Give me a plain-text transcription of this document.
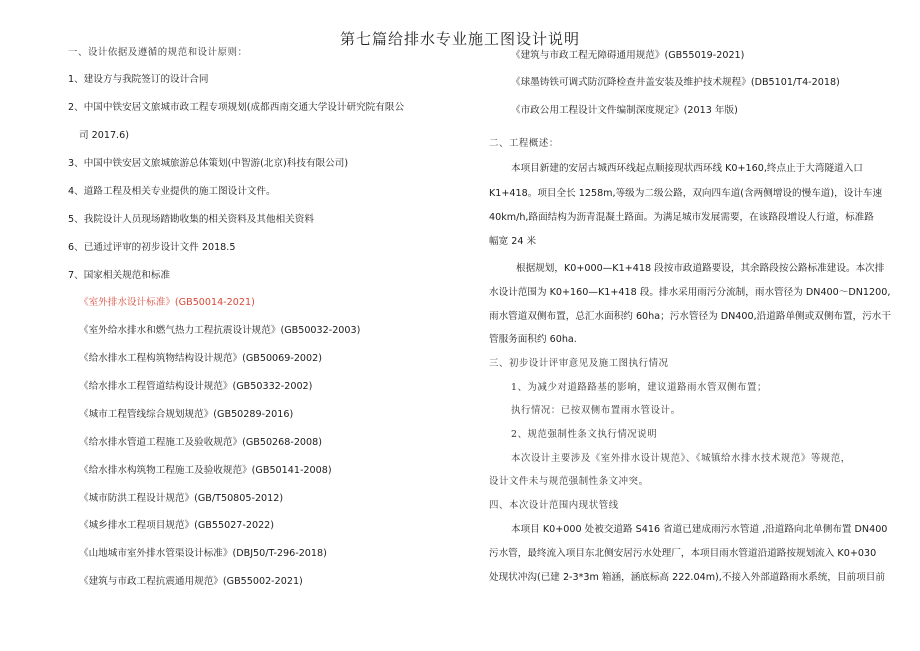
第七篇给排水专业施工图设计说明
一、设计依据及遵循的规范和设计原则：
1、建设方与我院签订的设计合同
2、中国中铁安居文旅城市政工程专项规划(成都西南交通大学设计研究院有限公
司 2017.6)
3、中国中铁安居文旅城旅游总体策划(中智游(北京)科技有限公司)
4、道路工程及相关专业提供的施工图设计文件。
5、我院设计人员现场踏勘收集的相关资料及其他相关资料
6、已通过评审的初步设计文件 2018.5
7、国家相关规范和标准
《室外排水设计标准》(GB50014-2021)
《室外给水排水和燃气热力工程抗震设计规范》(GB50032-2003)
《给水排水工程构筑物结构设计规范》(GB50069-2002)
《给水排水工程管道结构设计规范》(GB50332-2002)
《城市工程管线综合规划规范》(GB50289-2016)
《给水排水管道工程施工及验收规范》(GB50268-2008)
《给水排水构筑物工程施工及验收规范》(GB50141-2008)
《城市防洪工程设计规范》(GB/T50805-2012)
《城乡排水工程项目规范》(GB55027-2022)
《山地城市室外排水管渠设计标准》(DBJ50/T-296-2018)
《建筑与市政工程抗震通用规范》(GB55002-2021)
《建筑与市政工程无障碍通用规范》(GB55019-2021)
《球墨铸铁可调式防沉降检查井盖安装及维护技术规程》(DB5101/T4-2018)
《市政公用工程设计文件编制深度规定》(2013 年版)
二、工程概述：
本项目新建的安居古城西环线起点顺接现状西环线 K0+160,终点止于大湾隧道入口
K1+418。项目全长 1258m,等级为二级公路，双向四车道(含两侧增设的慢车道)，设计车速
40km/h,路面结构为沥青混凝土路面。为满足城市发展需要，在该路段增设人行道，标准路
幅宽 24 米
根据规划，K0+000—K1+418 段按市政道路要设，其余路段按公路标准建设。本次排
水设计范围为 K0+160—K1+418 段。排水采用雨污分流制，雨水管径为 DN400～DN1200,
雨水管道双侧布置，总汇水面积约 60ha；污水管径为 DN400,沿道路单侧或双侧布置，污水干
管服务面积约 60ha.
三、初步设计评审意见及施工图执行情况
1、为减少对道路路基的影响，建议道路雨水管双侧布置；
执行情况：已按双侧布置雨水管设计。
2、规范强制性条文执行情况说明
本次设计主要涉及《室外排水设计规范》、《城镇给水排水技术规范》等规范，
设计文件未与规范强制性条文冲突。
四、本次设计范围内现状管线
本项目 K0+000 处被交道路 S416 省道已建成雨污水管道 ,沿道路向北单侧布置 DN400
污水管，最终流入项目东北侧安居污水处理厂，本项目雨水管道沿道路按规划流入 K0+030
处现状冲沟(已建 2-3*3m 箱涵，涵底标高 222.04m),不接入外部道路雨水系统，目前项目前
